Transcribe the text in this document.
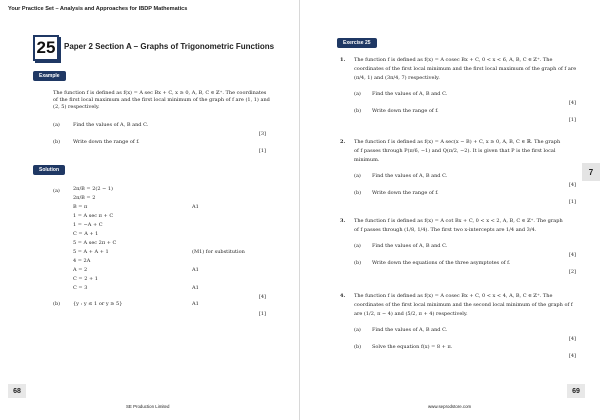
Your Practice Set – Analysis and Approaches for IBDP Mathematics
25	Paper 2 Section A – Graphs of Trigonometric Functions
Example
The function f is defined as f(x) = A sec Bx + C, x ≥ 0, A, B, C ∈ ℤ⁺. The coordinates
of the first local maximum and the first local minimum of the graph of f are (1, 1) and
(2, 5) respectively.
(a)	Find the values of A, B and C.
[3]
(b)	Write down the range of f.
[1]
Solution
(a)	2π/B = 2(2 − 1)
2π/B = 2
B = π	A1
1 = A sec π + C
1 = −A + C
C = A + 1
5 = A sec 2π + C
5 = A + A + 1	(M1) for substitution
4 = 2A
A = 2	A1
C = 2 + 1
C = 3	A1
[4]
(b)	{y : y ≤ 1 or y ≥ 5}	A1
[1]
68
SE Production Limited
1. The function f is defined as f(x) = A cosec Bx + C, 0 < x < 6, A, B, C ∈ ℤ⁺. The
coordinates of the first local minimum and the first local maximum of the graph of f are
(π/4, 1) and (3π/4, 7) respectively.
(a) Find the values of A, B and C.
[4]
(b) Write down the range of f.
[1]
2. The function f is defined as f(x) = A sec(x − B) + C, x ≥ 0, A, B, C ∈ ℝ. The graph
of f passes through P(π/6, −1) and Q(π/2, −2). It is given that P is the first local
minimum.
(a) Find the values of A, B and C.
[4]
(b) Write down the range of f.
[1]
3. The function f is defined as f(x) = A cot Bx + C, 0 < x < 2, A, B, C ∈ ℤ⁺. The graph
of f passes through (1/8, 1/4). The first two x-intercepts are 1/4 and 3/4.
(a) Find the values of A, B and C.
[4]
(b) Write down the equations of the three asymptotes of f.
[2]
4. The function f is defined as f(x) = A cosec Bx + C, 0 < x < 4, A, B, C ∈ ℤ⁺. The
coordinates of the first local minimum and the second local minimum of the graph of f
are (1/2, π − 4) and (5/2, π + 4) respectively.
(a) Find the values of A, B and C.
[4]
(b) Solve the equation f(x) = 8 + π.
[4]
www.seprodstore.com
Exercise 25
7
69
